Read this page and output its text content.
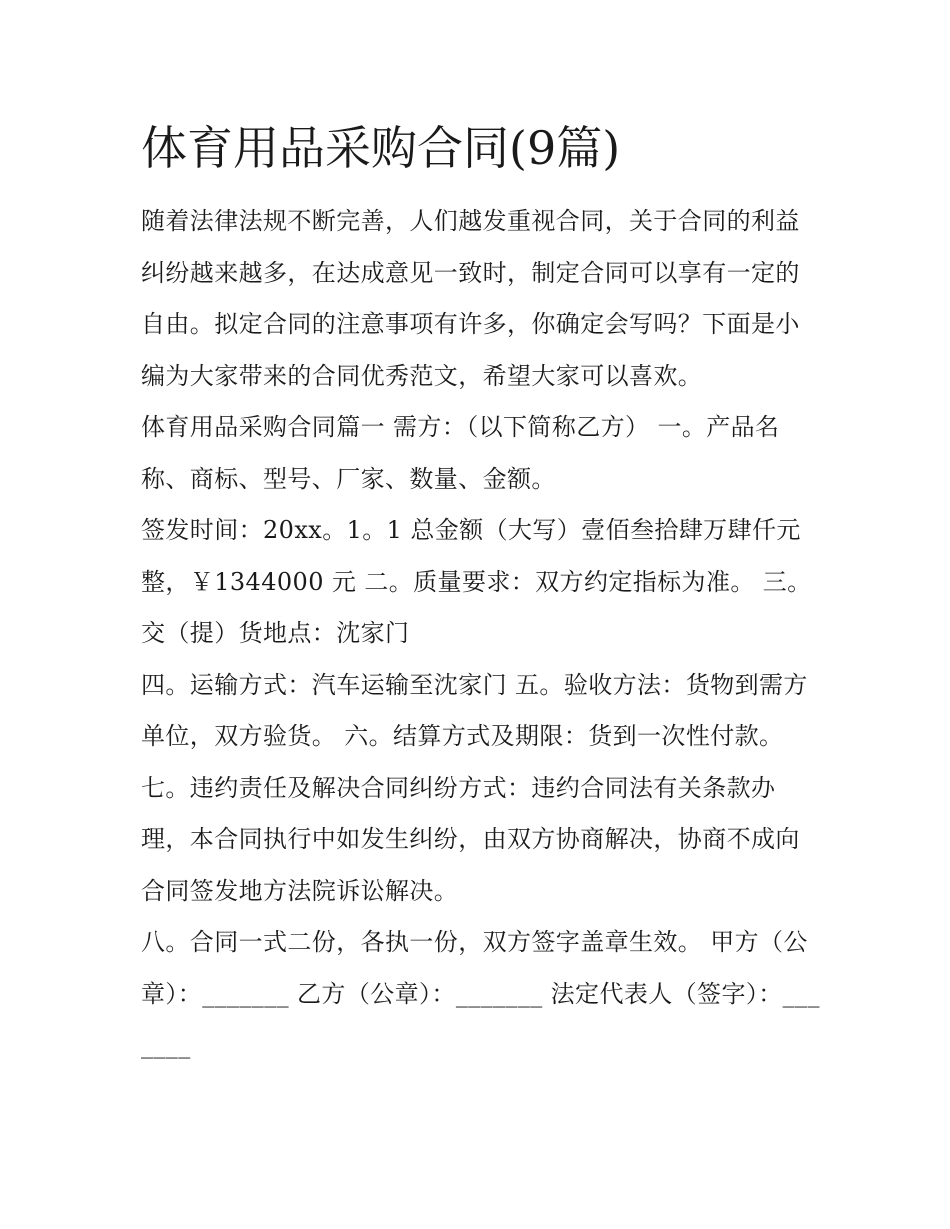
体育用品采购合同(9篇)

随着法律法规不断完善，人们越发重视合同，关于合同的利益纠纷越来越多，在达成意见一致时，制定合同可以享有一定的自由。拟定合同的注意事项有许多，你确定会写吗？下面是小编为大家带来的合同优秀范文，希望大家可以喜欢。

体育用品采购合同篇一 需方：（以下简称乙方） 一。产品名称、商标、型号、厂家、数量、金额。

签发时间：20xx。1。1 总金额（大写）壹佰叁拾肆万肆仟元整，￥1344000 元 二。质量要求：双方约定指标为准。 三。交（提）货地点：沈家门

四。运输方式：汽车运输至沈家门 五。验收方法：货物到需方单位，双方验货。 六。结算方式及期限：货到一次性付款。

七。违约责任及解决合同纠纷方式：违约合同法有关条款办理，本合同执行中如发生纠纷，由双方协商解决，协商不成向合同签发地方法院诉讼解决。

八。合同一式二份，各执一份，双方签字盖章生效。 甲方（公章）：_______ 乙方（公章）：_______ 法定代表人（签字）：_______
